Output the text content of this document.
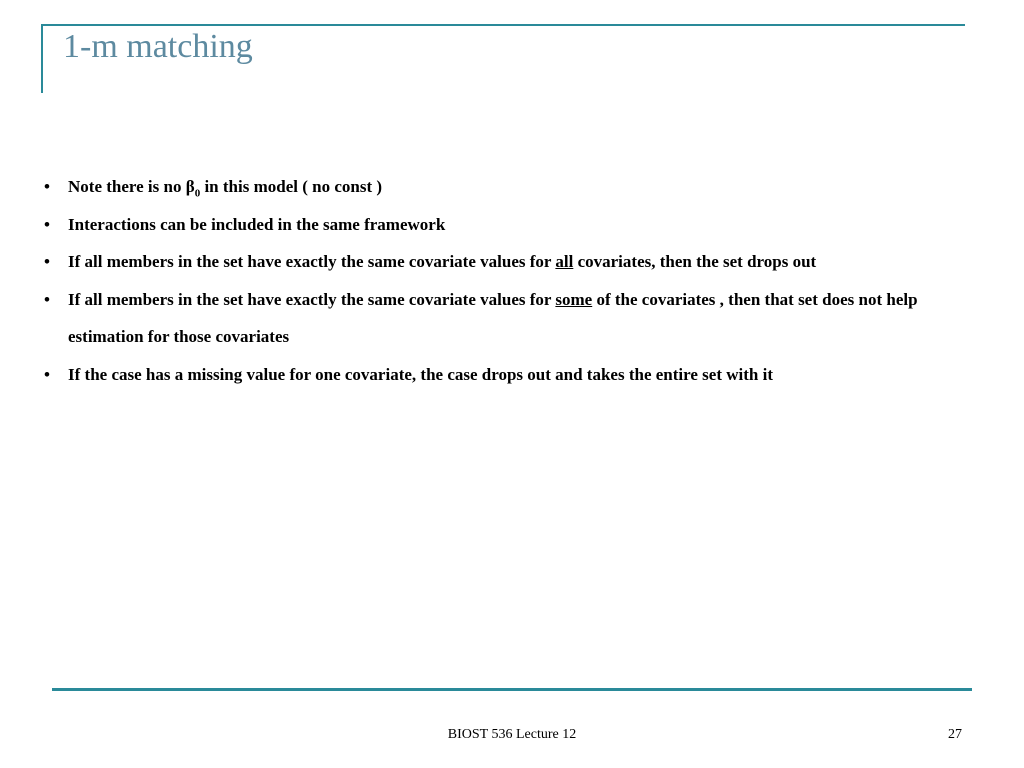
1-m matching
• Note there is no $\beta_0$ in this model ( no const )
• Interactions can be included in the same framework
• If all members in the set have exactly the same covariate values for all covariates, then the set drops out
• If all members in the set have exactly the same covariate values for some of the covariates , then that set does not help estimation for those covariates
• If the case has a missing value for one covariate, the case drops out and takes the entire set with it
BIOST 536 Lecture 12	27
